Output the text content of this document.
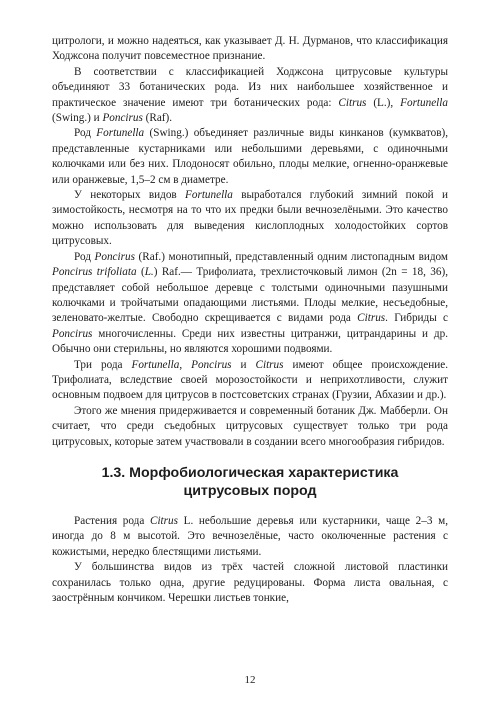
цитрологи, и можно надеяться, как указывает Д. Н. Дурманов, что классификация Ходжсона получит повсеместное признание.

В соответствии с классификацией Ходжсона цитрусовые культуры объединяют 33 ботанических рода. Из них наибольшее хозяйственное и практическое значение имеют три ботанических рода: Citrus (L.), Fortunella (Swing.) и Poncirus (Raf).

Род Fortunella (Swing.) объединяет различные виды кинканов (кумкватов), представленные кустарниками или небольшими деревьями, с одиночными колючками или без них. Плодоносят обильно, плоды мелкие, огненно-оранжевые или оранжевые, 1,5–2 см в диаметре.

У некоторых видов Fortunella выработался глубокий зимний покой и зимостойкость, несмотря на то что их предки были вечнозелёными. Это качество можно использовать для выведения кислоплодных холодостойких сортов цитрусовых.

Род Poncirus (Raf.) монотипный, представленный одним листопадным видом Poncirus trifoliata (L.) Raf.— Трифолиата, трехлисточковый лимон (2n = 18, 36), представляет собой небольшое деревце с толстыми одиночными пазушными колючками и тройчатыми опадающими листьями. Плоды мелкие, несъедобные, зеленовато-желтые. Свободно скрещивается с видами рода Citrus. Гибриды с Poncirus многочисленны. Среди них известны цитранжи, цитрандарины и др. Обычно они стерильны, но являются хорошими подвоями.

Три рода Fortunella, Poncirus и Citrus имеют общее происхождение. Трифолиата, вследствие своей морозостойкости и неприхотливости, служит основным подвоем для цитрусов в постсоветских странах (Грузии, Абхазии и др.).

Этого же мнения придерживается и современный ботаник Дж. Мабберли. Он считает, что среди съедобных цитрусовых существует только три рода цитрусовых, которые затем участвовали в создании всего многообразия гибридов.

1.3. Морфобиологическая характеристика
цитрусовых пород

Растения рода Citrus L. небольшие деревья или кустарники, чаще 2–3 м, иногда до 8 м высотой. Это вечнозелёные, часто околюченные растения с кожистыми, нередко блестящими листьями.

У большинства видов из трёх частей сложной листовой пластинки сохранилась только одна, другие редуцированы. Форма листа овальная, с заострённым кончиком. Черешки листьев тонкие,

12
